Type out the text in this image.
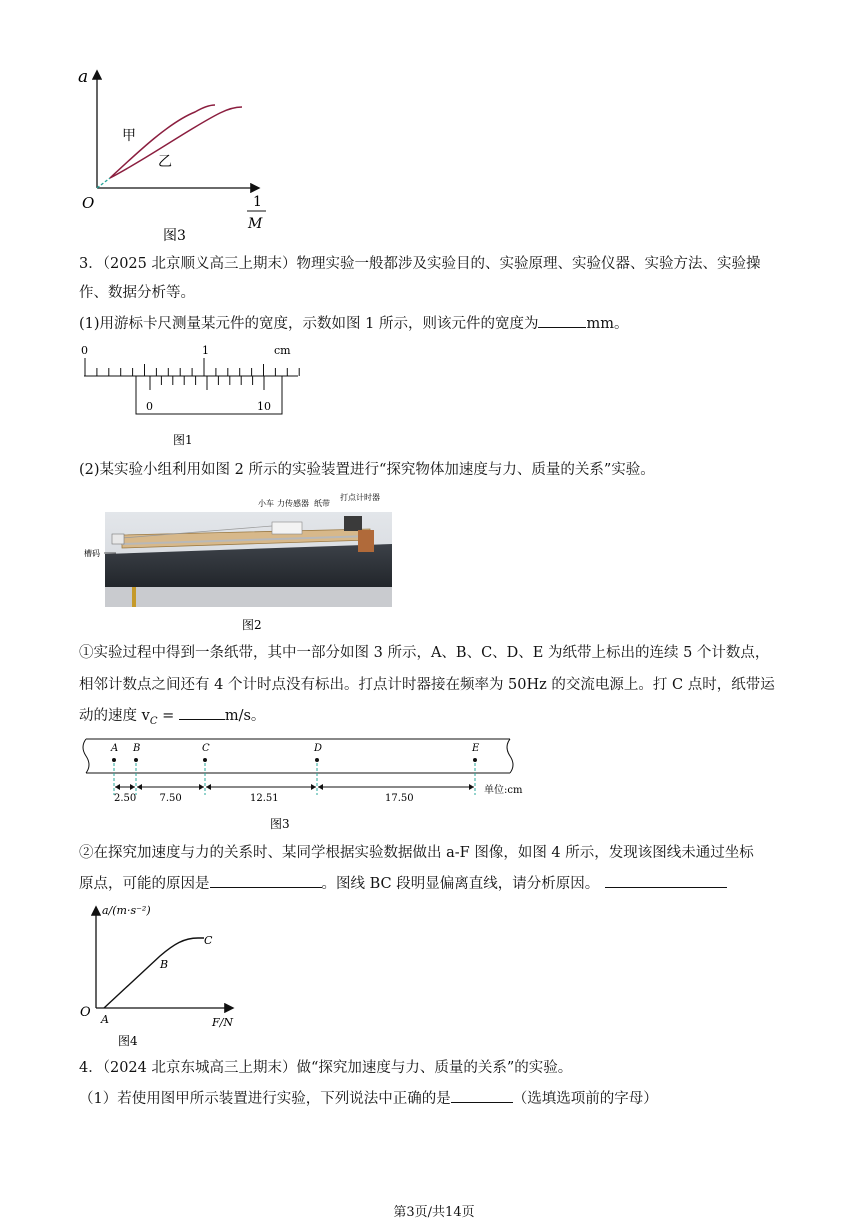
a
O
甲
乙
1
M
图3
3．（2025 北京顺义高三上期末）物理实验一般都涉及实验目的、实验原理、实验仪器、实验方法、实验操
作、数据分析等。
(1)用游标卡尺测量某元件的宽度，示数如图 1 所示，则该元件的宽度为	mm。
0	1	cm
0	10
图1
(2)某实验小组利用如图 2 所示的实验装置进行“探究物体加速度与力、质量的关系”实验。
小车 力传感器 纸带
打点计时器
槽码
图2
①实验过程中得到一条纸带，其中一部分如图 3 所示，A、B、C、D、E 为纸带上标出的连续 5 个计数点，
相邻计数点之间还有 4 个计时点没有标出。打点计时器接在频率为 50Hz 的交流电源上。打 C 点时，纸带运
动的速度 $v_C$ =	m/s。
A B	C	D	E
2.50 7.50	12.51	17.50
单位:cm
图3
②在探究加速度与力的关系时、某同学根据实验数据做出 a-F 图像，如图 4 所示，发现该图线未通过坐标
原点，可能的原因是	。图线 BC 段明显偏离直线，请分析原因。
a/(m·s⁻²)
O A
B
C
F/N
图4
4．（2024 北京东城高三上期末）做“探究加速度与力、质量的关系”的实验。
（1）若使用图甲所示装置进行实验，下列说法中正确的是	（选填选项前的字母）
第3页/共14页
